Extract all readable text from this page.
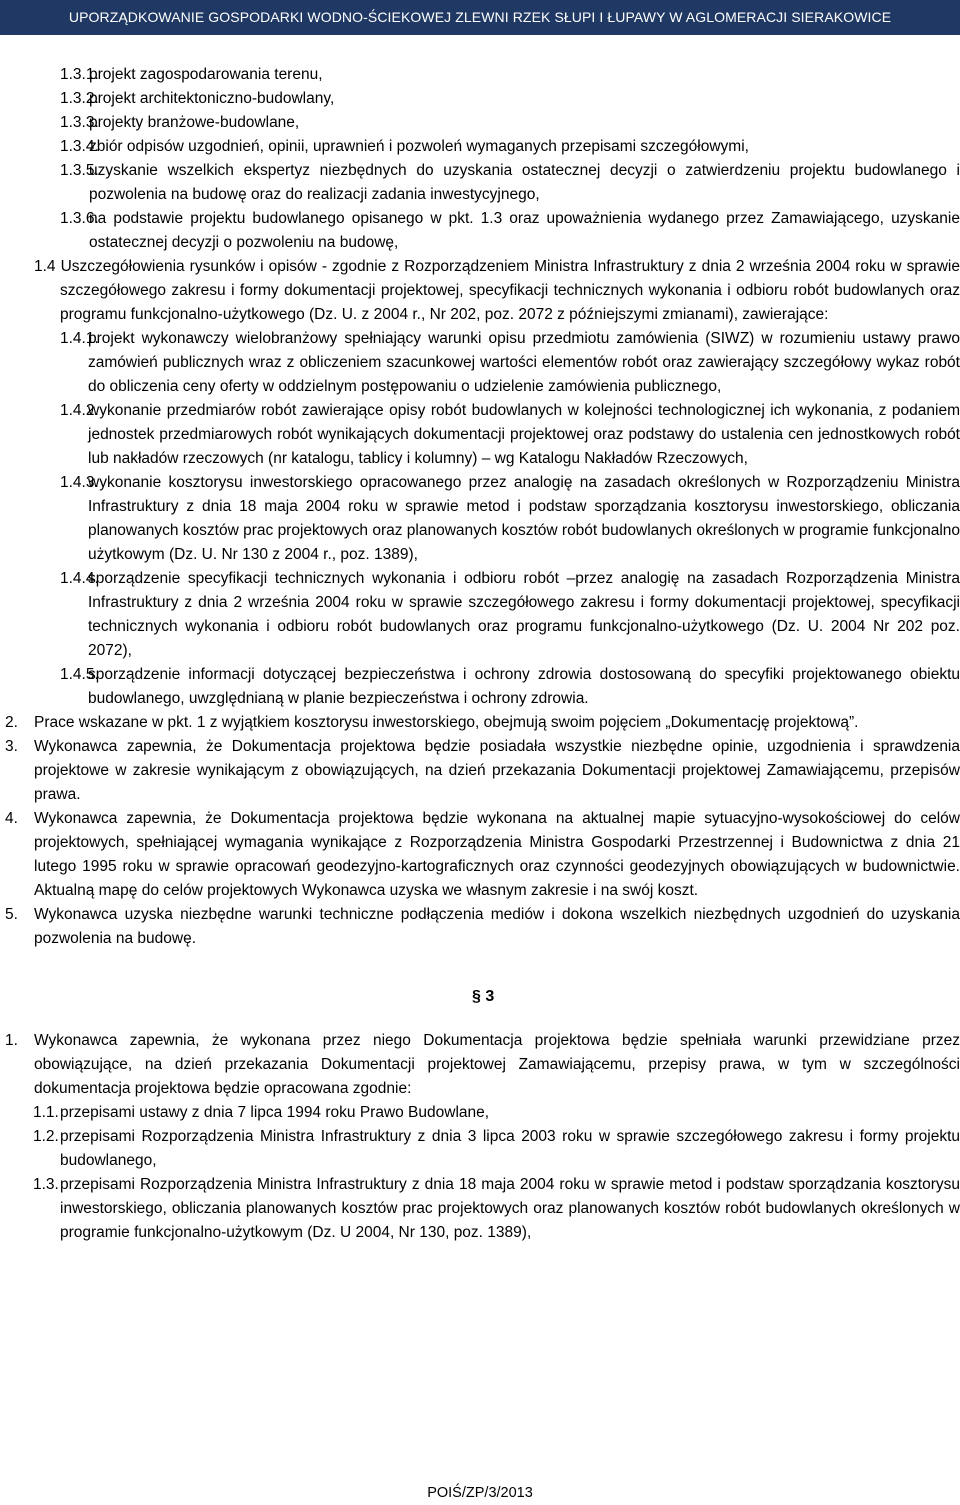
UPORZĄDKOWANIE GOSPODARKI WODNO-ŚCIEKOWEJ ZLEWNI RZEK SŁUPI I ŁUPAWY W AGLOMERACJI SIERAKOWICE
1.3.1.
projekt zagospodarowania terenu,
1.3.2.
projekt architektoniczno-budowlany,
1.3.3.
projekty branżowe-budowlane,
1.3.4.
zbiór odpisów uzgodnień, opinii, uprawnień i pozwoleń wymaganych przepisami szczegółowymi,
1.3.5.
uzyskanie wszelkich ekspertyz niezbędnych do uzyskania ostatecznej decyzji o zatwierdzeniu projektu budowlanego i pozwolenia na budowę oraz do realizacji zadania inwestycyjnego,
1.3.6.
na podstawie projektu budowlanego opisanego w pkt. 1.3 oraz upoważnienia wydanego przez Zamawiającego, uzyskanie ostatecznej decyzji o pozwoleniu na budowę,
1.4 Uszczegółowienia rysunków i opisów - zgodnie z Rozporządzeniem Ministra Infrastruktury z dnia 2 września 2004 roku w sprawie szczegółowego zakresu i formy dokumentacji projektowej, specyfikacji technicznych wykonania i odbioru robót budowlanych oraz programu funkcjonalno-użytkowego (Dz. U. z 2004 r., Nr 202, poz. 2072 z późniejszymi zmianami), zawierające:
1.4.1.
projekt wykonawczy wielobranżowy spełniający warunki opisu przedmiotu zamówienia (SIWZ) w rozumieniu ustawy prawo zamówień publicznych wraz z obliczeniem szacunkowej wartości elementów robót oraz zawierający szczegółowy wykaz robót do obliczenia ceny oferty w oddzielnym postępowaniu o udzielenie zamówienia publicznego,
1.4.2.
wykonanie przedmiarów robót zawierające opisy robót budowlanych w kolejności technologicznej ich wykonania, z podaniem jednostek przedmiarowych robót wynikających dokumentacji projektowej oraz podstawy do ustalenia cen jednostkowych robót lub nakładów rzeczowych (nr katalogu, tablicy i kolumny) – wg Katalogu Nakładów Rzeczowych,
1.4.3.
wykonanie kosztorysu inwestorskiego opracowanego przez analogię na zasadach określonych w Rozporządzeniu Ministra Infrastruktury z dnia 18 maja 2004 roku w sprawie metod i podstaw sporządzania kosztorysu inwestorskiego, obliczania planowanych kosztów prac projektowych oraz planowanych kosztów robót budowlanych określonych w programie funkcjonalno użytkowym (Dz. U. Nr 130 z 2004 r., poz. 1389),
1.4.4.
sporządzenie specyfikacji technicznych wykonania i odbioru robót –przez analogię na zasadach Rozporządzenia Ministra Infrastruktury z dnia 2 września 2004 roku w sprawie szczegółowego zakresu i formy dokumentacji projektowej, specyfikacji technicznych wykonania i odbioru robót budowlanych oraz programu funkcjonalno-użytkowego (Dz. U. 2004 Nr 202 poz. 2072),
1.4.5.
sporządzenie informacji dotyczącej bezpieczeństwa i ochrony zdrowia dostosowaną do specyfiki projektowanego obiektu budowlanego, uwzględnianą w planie bezpieczeństwa i ochrony zdrowia.
2. Prace wskazane w pkt. 1 z wyjątkiem kosztorysu inwestorskiego, obejmują swoim pojęciem „Dokumentację projektową”.
3. Wykonawca zapewnia, że Dokumentacja projektowa będzie posiadała wszystkie niezbędne opinie, uzgodnienia i sprawdzenia projektowe w zakresie wynikającym z obowiązujących, na dzień przekazania Dokumentacji projektowej Zamawiającemu, przepisów prawa.
4. Wykonawca zapewnia, że Dokumentacja projektowa będzie wykonana na aktualnej mapie sytuacyjno-wysokościowej do celów projektowych, spełniającej wymagania wynikające z Rozporządzenia Ministra Gospodarki Przestrzennej i Budownictwa z dnia 21 lutego 1995 roku w sprawie opracowań geodezyjno-kartograficznych oraz czynności geodezyjnych obowiązujących w budownictwie. Aktualną mapę do celów projektowych Wykonawca uzyska we własnym zakresie i na swój koszt.
5. Wykonawca uzyska niezbędne warunki techniczne podłączenia mediów i dokona wszelkich niezbędnych uzgodnień do uzyskania pozwolenia na budowę.
§ 3
1. Wykonawca zapewnia, że wykonana przez niego Dokumentacja projektowa będzie spełniała warunki przewidziane przez obowiązujące, na dzień przekazania Dokumentacji projektowej Zamawiającemu, przepisy prawa, w tym w szczególności dokumentacja projektowa będzie opracowana zgodnie:
1.1. przepisami ustawy z dnia 7 lipca 1994 roku Prawo Budowlane,
1.2. przepisami Rozporządzenia Ministra Infrastruktury z dnia 3 lipca 2003 roku w sprawie szczegółowego zakresu i formy projektu budowlanego,
1.3. przepisami Rozporządzenia Ministra Infrastruktury z dnia 18 maja 2004 roku w sprawie metod i podstaw sporządzania kosztorysu inwestorskiego, obliczania planowanych kosztów prac projektowych oraz planowanych kosztów robót budowlanych określonych w programie funkcjonalno-użytkowym (Dz. U 2004, Nr 130, poz. 1389),
POIŚ/ZP/3/2013
